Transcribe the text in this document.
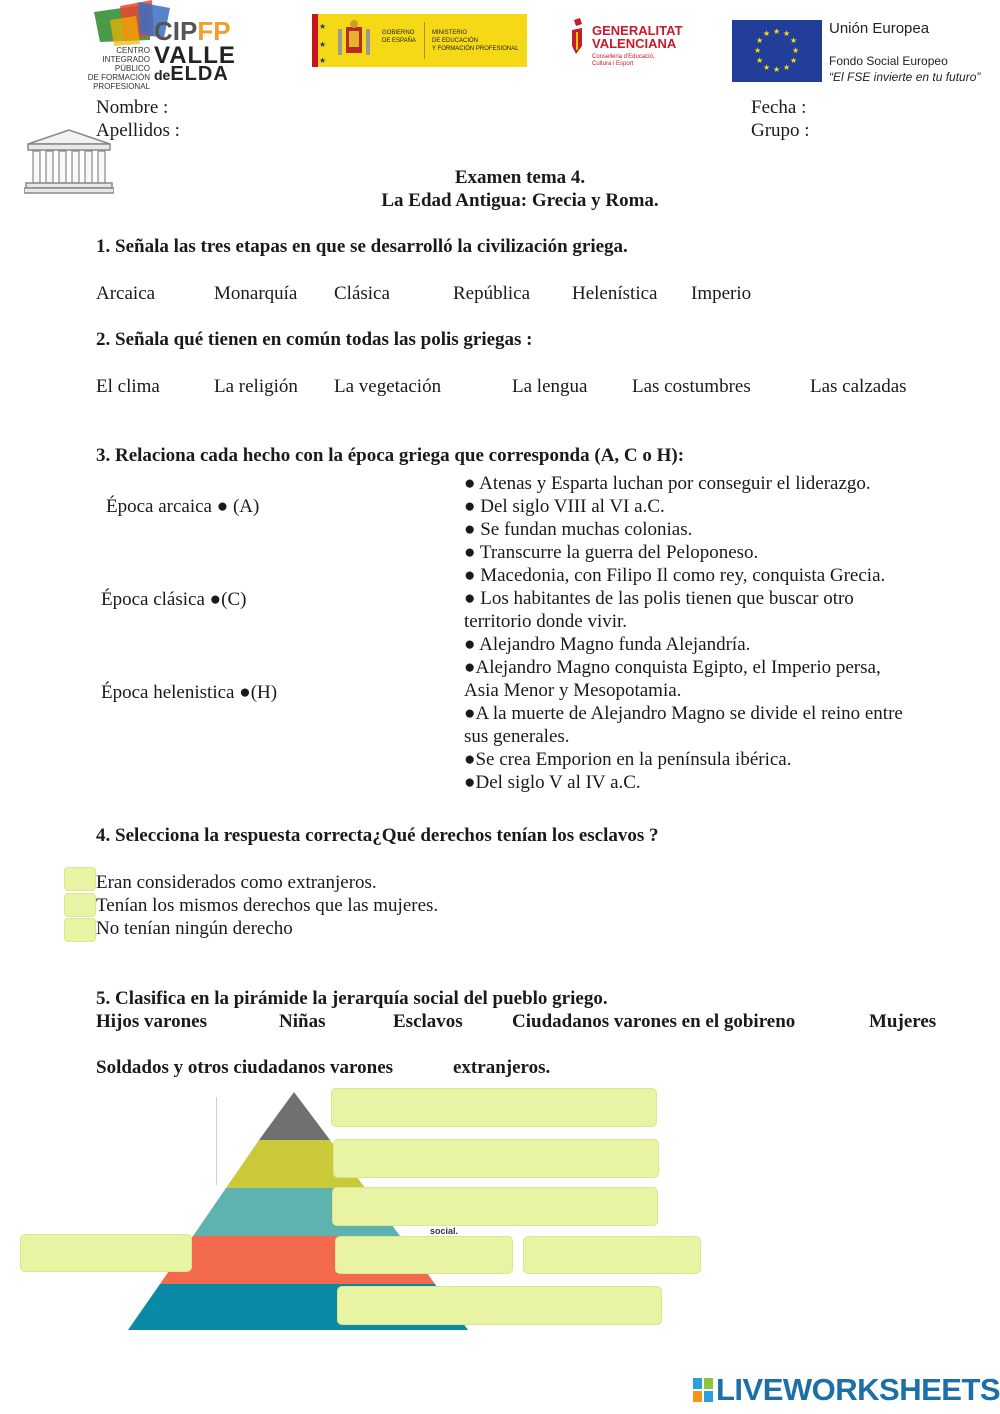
CENTRO
INTEGRADO PÚBLICO
DE FORMACIÓN
PROFESIONAL
CIPFP
VALLE
deELDA
★
★
★
GOBIERNO
DE ESPAÑA
MINISTERIO
DE EDUCACIÓN
Y FORMACIÓN PROFESIONAL
GENERALITAT
VALENCIANA
Conselleria d'Educació,
Cultura i Esport
★ ★
★
★
★
★
★
★
★
★
★
★	Unión Europea
Fondo Social Europeo
“El FSE invierte en tu futuro”
Nombre :
Apellidos :
Fecha :
Grupo :
Examen tema 4.
La Edad Antigua: Grecia y Roma.
1. Señala las tres etapas en que se desarrolló la civilización griega.
Arcaica	Monarquía Clásica	República Helenística Imperio
2. Señala qué tienen en común todas las polis griegas :
El clima	La religión La vegetación	La lengua Las costumbres	Las calzadas
3. Relaciona cada hecho con la época griega que corresponda (A, C o H):
Época arcaica ● (A)
Época clásica ●(C)
Época helenistica ●(H)
● Atenas y Esparta luchan por conseguir el liderazgo.
● Del siglo VIII al VI a.C.
● Se fundan muchas colonias.
● Transcurre la guerra del Peloponeso.
● Macedonia, con Filipo Il como rey, conquista Grecia.
● Los habitantes de las polis tienen que buscar otro
territorio donde vivir.
● Alejandro Magno funda Alejandría.
●Alejandro Magno conquista Egipto, el Imperio persa,
Asia Menor y Mesopotamia.
●A la muerte de Alejandro Magno se divide el reino entre
sus generales.
●Se crea Emporion en la península ibérica.
●Del siglo V al IV a.C.
4. Selecciona la respuesta correcta¿Qué derechos tenían los esclavos ?
Eran considerados como extranjeros.
Tenían los mismos derechos que las mujeres.
No tenían ningún derecho
5. Clasifica en la pirámide la jerarquía social del pueblo griego.
Hijos varones	Niñas	Esclavos	Ciudadanos varones en el gobireno	Mujeres
Soldados y otros ciudadanos varones	extranjeros.
social.
LIVEWORKSHEETS
